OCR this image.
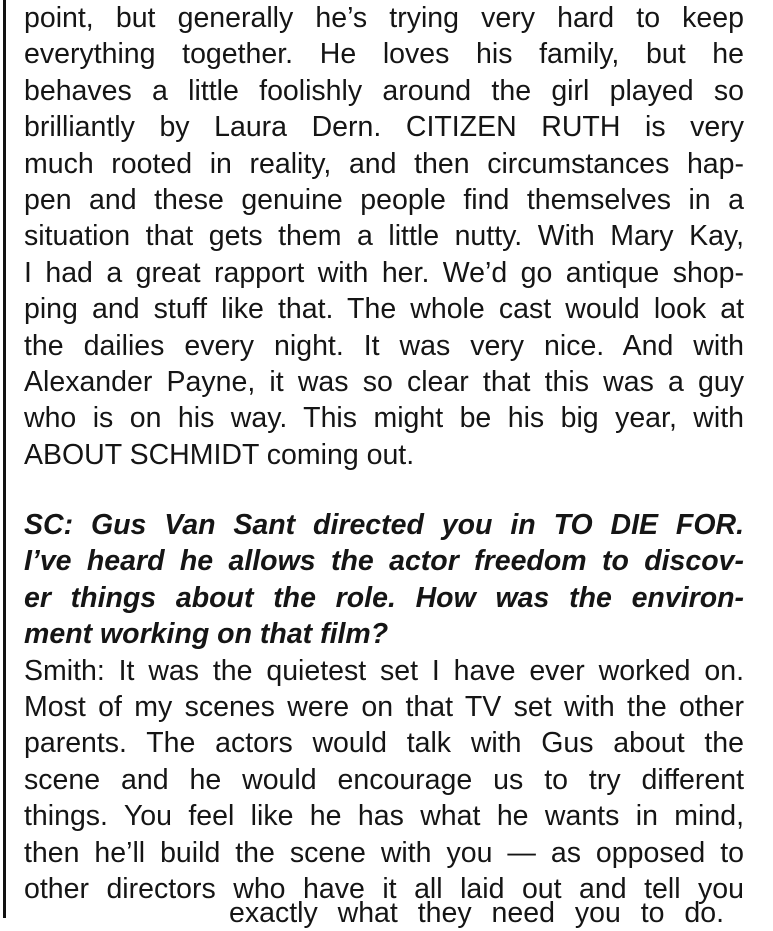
point, but generally he’s trying very hard to keep
everything together. He loves his family, but he
behaves a little foolishly around the girl played so
brilliantly by Laura Dern. CITIZEN RUTH is very
much rooted in reality, and then circumstances hap-
pen and these genuine people find themselves in a
situation that gets them a little nutty. With Mary Kay,
I had a great rapport with her. We’d go antique shop-
ping and stuff like that. The whole cast would look at
the dailies every night. It was very nice. And with
Alexander Payne, it was so clear that this was a guy
who is on his way. This might be his big year, with
ABOUT SCHMIDT coming out.
SC: Gus Van Sant directed you in TO DIE FOR.
I’ve heard he allows the actor freedom to discov-
er things about the role. How was the environ-
ment working on that film?
Smith: It was the quietest set I have ever worked on.
Most of my scenes were on that TV set with the other
parents. The actors would talk with Gus about the
scene and he would encourage us to try different
things. You feel like he has what he wants in mind,
then he’ll build the scene with you — as opposed to
other directors who have it all laid out and tell you
exactly what they need you to do.
